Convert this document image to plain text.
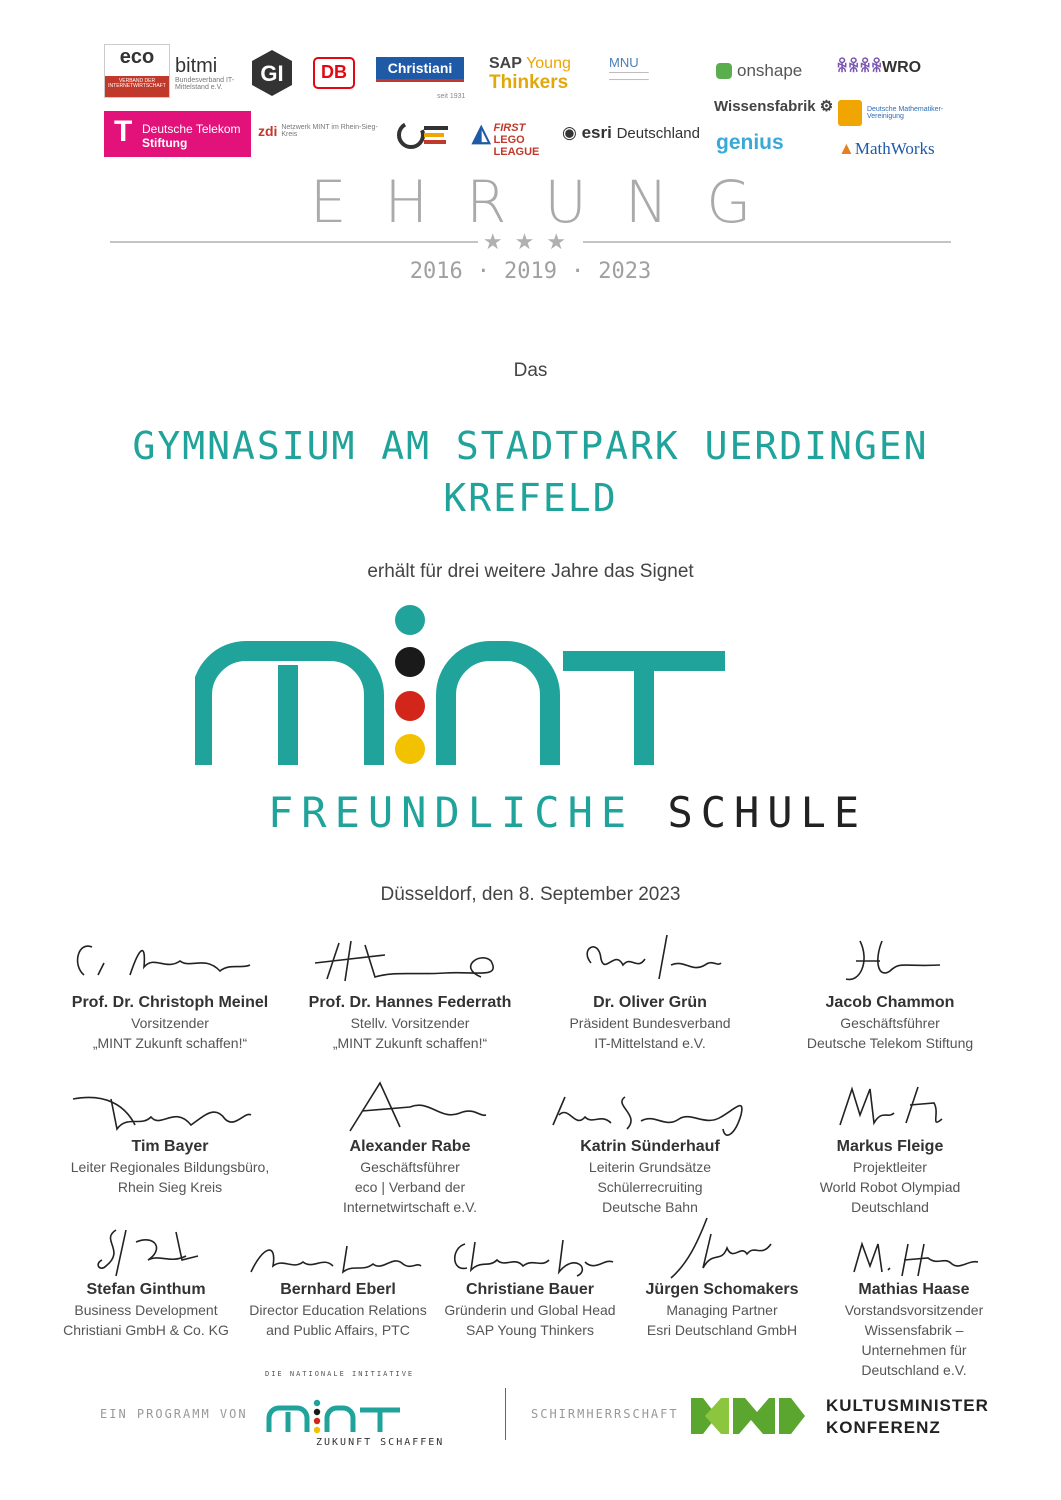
eco
VERBAND DER INTERNETWIRTSCHAFT
bitmi
Bundesverband IT-Mittelstand e.V.
GI	DB	Christiani
seit 1931
SAP Young
Thinkers
MNU
────────
────────
onshape ꆜꆜꆜꆜWRO
T Deutsche Telekom
Stiftung
zdi Netzwerk MINT im Rhein-Sieg-Kreis	◭ FIRST
LEGO
LEAGUE
◉ esri Deutschland
Wissensfabrik ⚙	Deutsche Mathematiker-Vereinigung
genius	▲MathWorks
EHRUNG
★★★
2016 · 2019 · 2023
Das
GYMNASIUM AM STADTPARK UERDINGEN
KREFELD
erhält für drei weitere Jahre das Signet
FREUNDLICHE SCHULE
Düsseldorf, den 8. September 2023
Prof. Dr. Christoph Meinel
Vorsitzender
„MINT Zukunft schaffen!“
Prof. Dr. Hannes Federrath
Stellv. Vorsitzender
„MINT Zukunft schaffen!“
Dr. Oliver Grün
Präsident Bundesverband
IT-Mittelstand e.V.
Jacob Chammon
Geschäftsführer
Deutsche Telekom Stiftung
Tim Bayer
Leiter Regionales Bildungsbüro,
Rhein Sieg Kreis
Alexander Rabe
Geschäftsführer
eco | Verband der
Internetwirtschaft e.V.
Katrin Sünderhauf
Leiterin Grundsätze
Schülerrecruiting
Deutsche Bahn
Markus Fleige
Projektleiter
World Robot Olympiad
Deutschland
Stefan Ginthum
Business Development
Christiani GmbH & Co. KG
Bernhard Eberl
Director Education Relations
and Public Affairs, PTC
Christiane Bauer
Gründerin und Global Head
SAP Young Thinkers
Jürgen Schomakers
Managing Partner
Esri Deutschland GmbH
Mathias Haase
Vorstandsvorsitzender
Wissensfabrik –
Unternehmen für
Deutschland e.V.
EIN PROGRAMM VON
DIE NATIONALE INITIATIVE
ZUKUNFT SCHAFFEN
SCHIRMHERRSCHAFT	KULTUSMINISTER
KONFERENZ
